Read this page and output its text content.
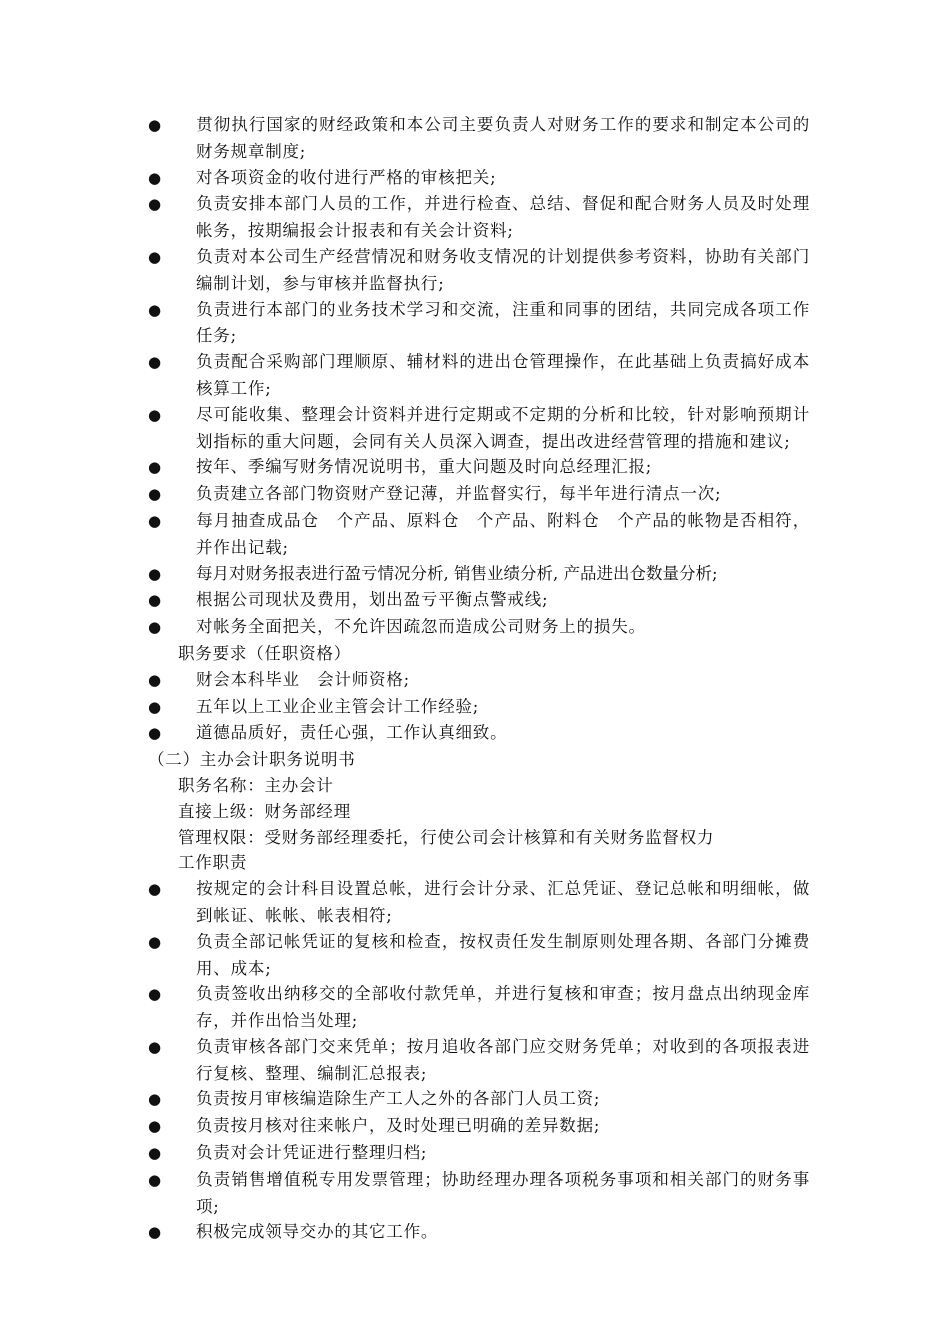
● 贯彻执行国家的财经政策和本公司主要负责人对财务工作的要求和制定本公司的财务规章制度;
● 对各项资金的收付进行严格的审核把关;
● 负责安排本部门人员的工作，并进行检查、总结、督促和配合财务人员及时处理帐务，按期编报会计报表和有关会计资料;
● 负责对本公司生产经营情况和财务收支情况的计划提供参考资料，协助有关部门编制计划，参与审核并监督执行;
● 负责进行本部门的业务技术学习和交流，注重和同事的团结，共同完成各项工作任务;
● 负责配合采购部门理顺原、辅材料的进出仓管理操作，在此基础上负责搞好成本核算工作;
● 尽可能收集、整理会计资料并进行定期或不定期的分析和比较，针对影响预期计划指标的重大问题，会同有关人员深入调查，提出改进经营管理的措施和建议;
● 按年、季编写财务情况说明书，重大问题及时向总经理汇报;
● 负责建立各部门物资财产登记薄，并监督实行，每半年进行清点一次;
● 每月抽查成品仓　个产品、原料仓　个产品、附料仓　个产品的帐物是否相符，并作出记载;
● 每月对财务报表进行盈亏情况分析, 销售业绩分析, 产品进出仓数量分析;
● 根据公司现状及费用，划出盈亏平衡点警戒线;
● 对帐务全面把关，不允许因疏忽而造成公司财务上的损失。
职务要求（任职资格）
● 财会本科毕业　会计师资格;
● 五年以上工业企业主管会计工作经验;
● 道德品质好，责任心强，工作认真细致。
（二）主办会计职务说明书
职务名称：主办会计
直接上级：财务部经理
管理权限：受财务部经理委托，行使公司会计核算和有关财务监督权力
工作职责
● 按规定的会计科目设置总帐，进行会计分录、汇总凭证、登记总帐和明细帐，做到帐证、帐帐、帐表相符;
● 负责全部记帐凭证的复核和检查，按权责任发生制原则处理各期、各部门分摊费用、成本;
● 负责签收出纳移交的全部收付款凭单，并进行复核和审查；按月盘点出纳现金库存，并作出恰当处理;
● 负责审核各部门交来凭单；按月追收各部门应交财务凭单；对收到的各项报表进行复核、整理、编制汇总报表;
● 负责按月审核编造除生产工人之外的各部门人员工资;
● 负责按月核对往来帐户，及时处理已明确的差异数据;
● 负责对会计凭证进行整理归档;
● 负责销售增值税专用发票管理；协助经理办理各项税务事项和相关部门的财务事项;
● 积极完成领导交办的其它工作。
